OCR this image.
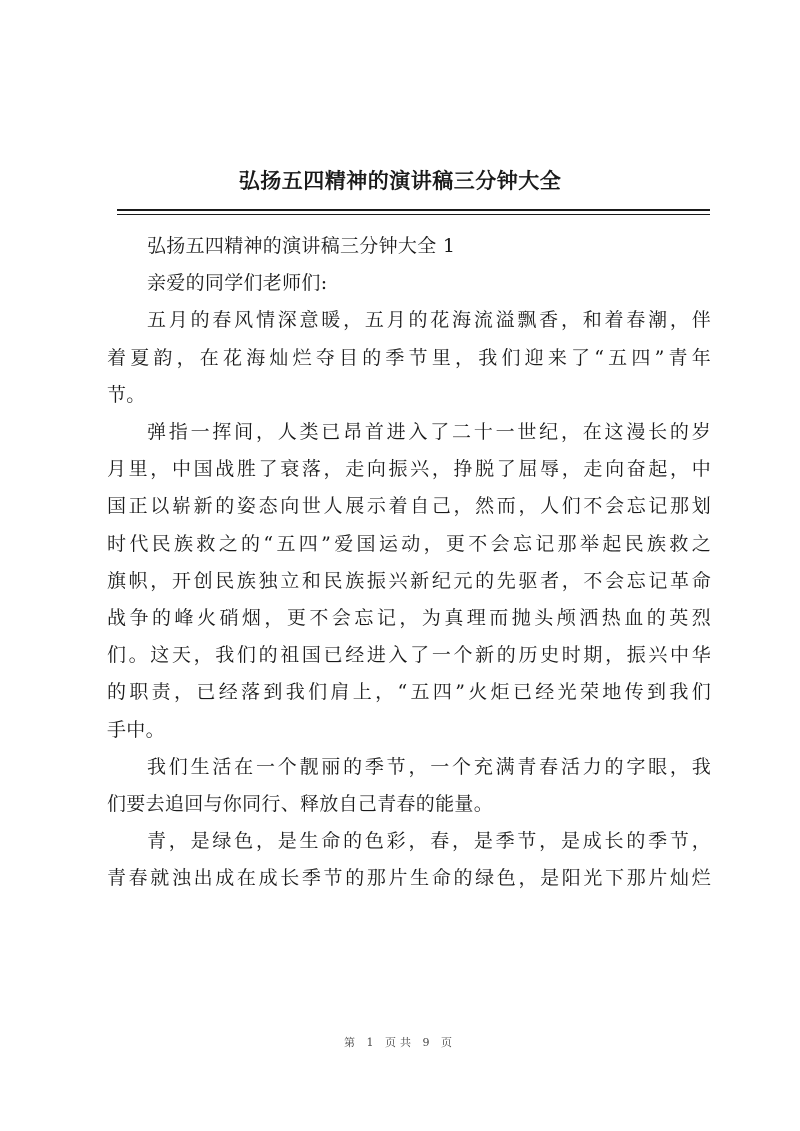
弘扬五四精神的演讲稿三分钟大全
弘扬五四精神的演讲稿三分钟大全 1
亲爱的同学们老师们:
五月的春风情深意暖，五月的花海流溢飘香，和着春潮，伴
着夏韵，在花海灿烂夺目的季节里，我们迎来了“五四”青年
节。
弹指一挥间，人类已昂首进入了二十一世纪，在这漫长的岁
月里，中国战胜了衰落，走向振兴，挣脱了屈辱，走向奋起，中
国正以崭新的姿态向世人展示着自己，然而，人们不会忘记那划
时代民族救之的“五四”爱国运动，更不会忘记那举起民族救之
旗帜，开创民族独立和民族振兴新纪元的先驱者，不会忘记革命
战争的峰火硝烟，更不会忘记，为真理而抛头颅洒热血的英烈
们。这天，我们的祖国已经进入了一个新的历史时期，振兴中华
的职责，已经落到我们肩上，“五四”火炬已经光荣地传到我们
手中。
我们生活在一个靓丽的季节，一个充满青春活力的字眼，我
们要去追回与你同行、释放自己青春的能量。
青，是绿色，是生命的色彩，春，是季节，是成长的季节，
青春就浊出成在成长季节的那片生命的绿色，是阳光下那片灿烂
第 1 页共 9 页
